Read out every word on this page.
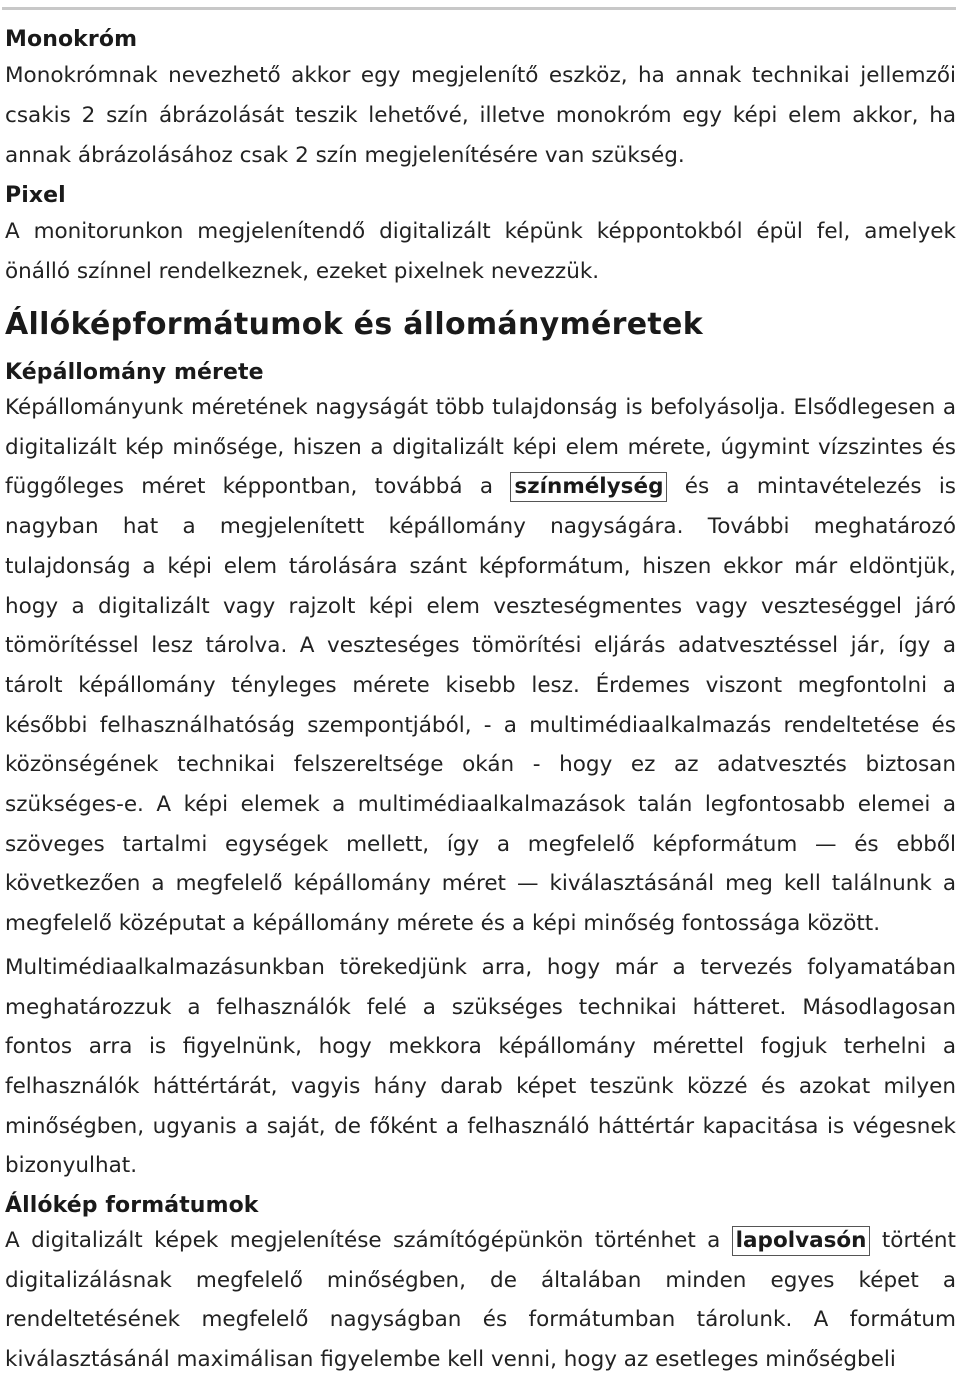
Monokróm

Monokrómnak nevezhető akkor egy megjelenítő eszköz, ha annak technikai jellemzői csakis 2 szín ábrázolását teszik lehetővé, illetve monokróm egy képi elem akkor, ha annak ábrázolásához csak 2 szín megjelenítésére van szükség.

Pixel

A monitorunkon megjelenítendő digitalizált képünk képpontokból épül fel, amelyek önálló színnel rendelkeznek, ezeket pixelnek nevezzük.

Állóképformátumok és állományméretek
Képállomány mérete

Képállományunk méretének nagyságát több tulajdonság is befolyásolja. Elsődlegesen a digitalizált kép minősége, hiszen a digitalizált képi elem mérete, úgymint vízszintes és függőleges méret képpontban, továbbá a színmélység és a mintavételezés is nagyban hat a megjelenített képállomány nagyságára. További meghatározó tulajdonság a képi elem tárolására szánt képformátum, hiszen ekkor már eldöntjük, hogy a digitalizált vagy rajzolt képi elem veszteségmentes vagy veszteséggel járó tömörítéssel lesz tárolva. A veszteséges tömörítési eljárás adatvesztéssel jár, így a tárolt képállomány tényleges mérete kisebb lesz. Érdemes viszont megfontolni a későbbi felhasználhatóság szempontjából, - a multimédiaalkalmazás rendeltetése és közönségének technikai felszereltsége okán - hogy ez az adatvesztés biztosan szükséges-e. A képi elemek a multimédiaalkalmazások talán legfontosabb elemei a szöveges tartalmi egységek mellett, így a megfelelő képformátum — és ebből következően a megfelelő képállomány méret — kiválasztásánál meg kell találnunk a megfelelő középutat a képállomány mérete és a képi minőség fontossága között.

Multimédiaalkalmazásunkban törekedjünk arra, hogy már a tervezés folyamatában meghatározzuk a felhasználók felé a szükséges technikai hátteret. Másodlagosan fontos arra is figyelnünk, hogy mekkora képállomány mérettel fogjuk terhelni a felhasználók háttértárát, vagyis hány darab képet teszünk közzé és azokat milyen minőségben, ugyanis a saját, de főként a felhasználó háttértár kapacitása is végesnek bizonyulhat.

Állókép formátumok

A digitalizált képek megjelenítése számítógépünkön történhet a lapolvasón történt digitalizálásnak megfelelő minőségben, de általában minden egyes képet a rendeltetésének megfelelő nagyságban és formátumban tárolunk. A formátum kiválasztásánál maximálisan figyelembe kell venni, hogy az esetleges minőségbeli
